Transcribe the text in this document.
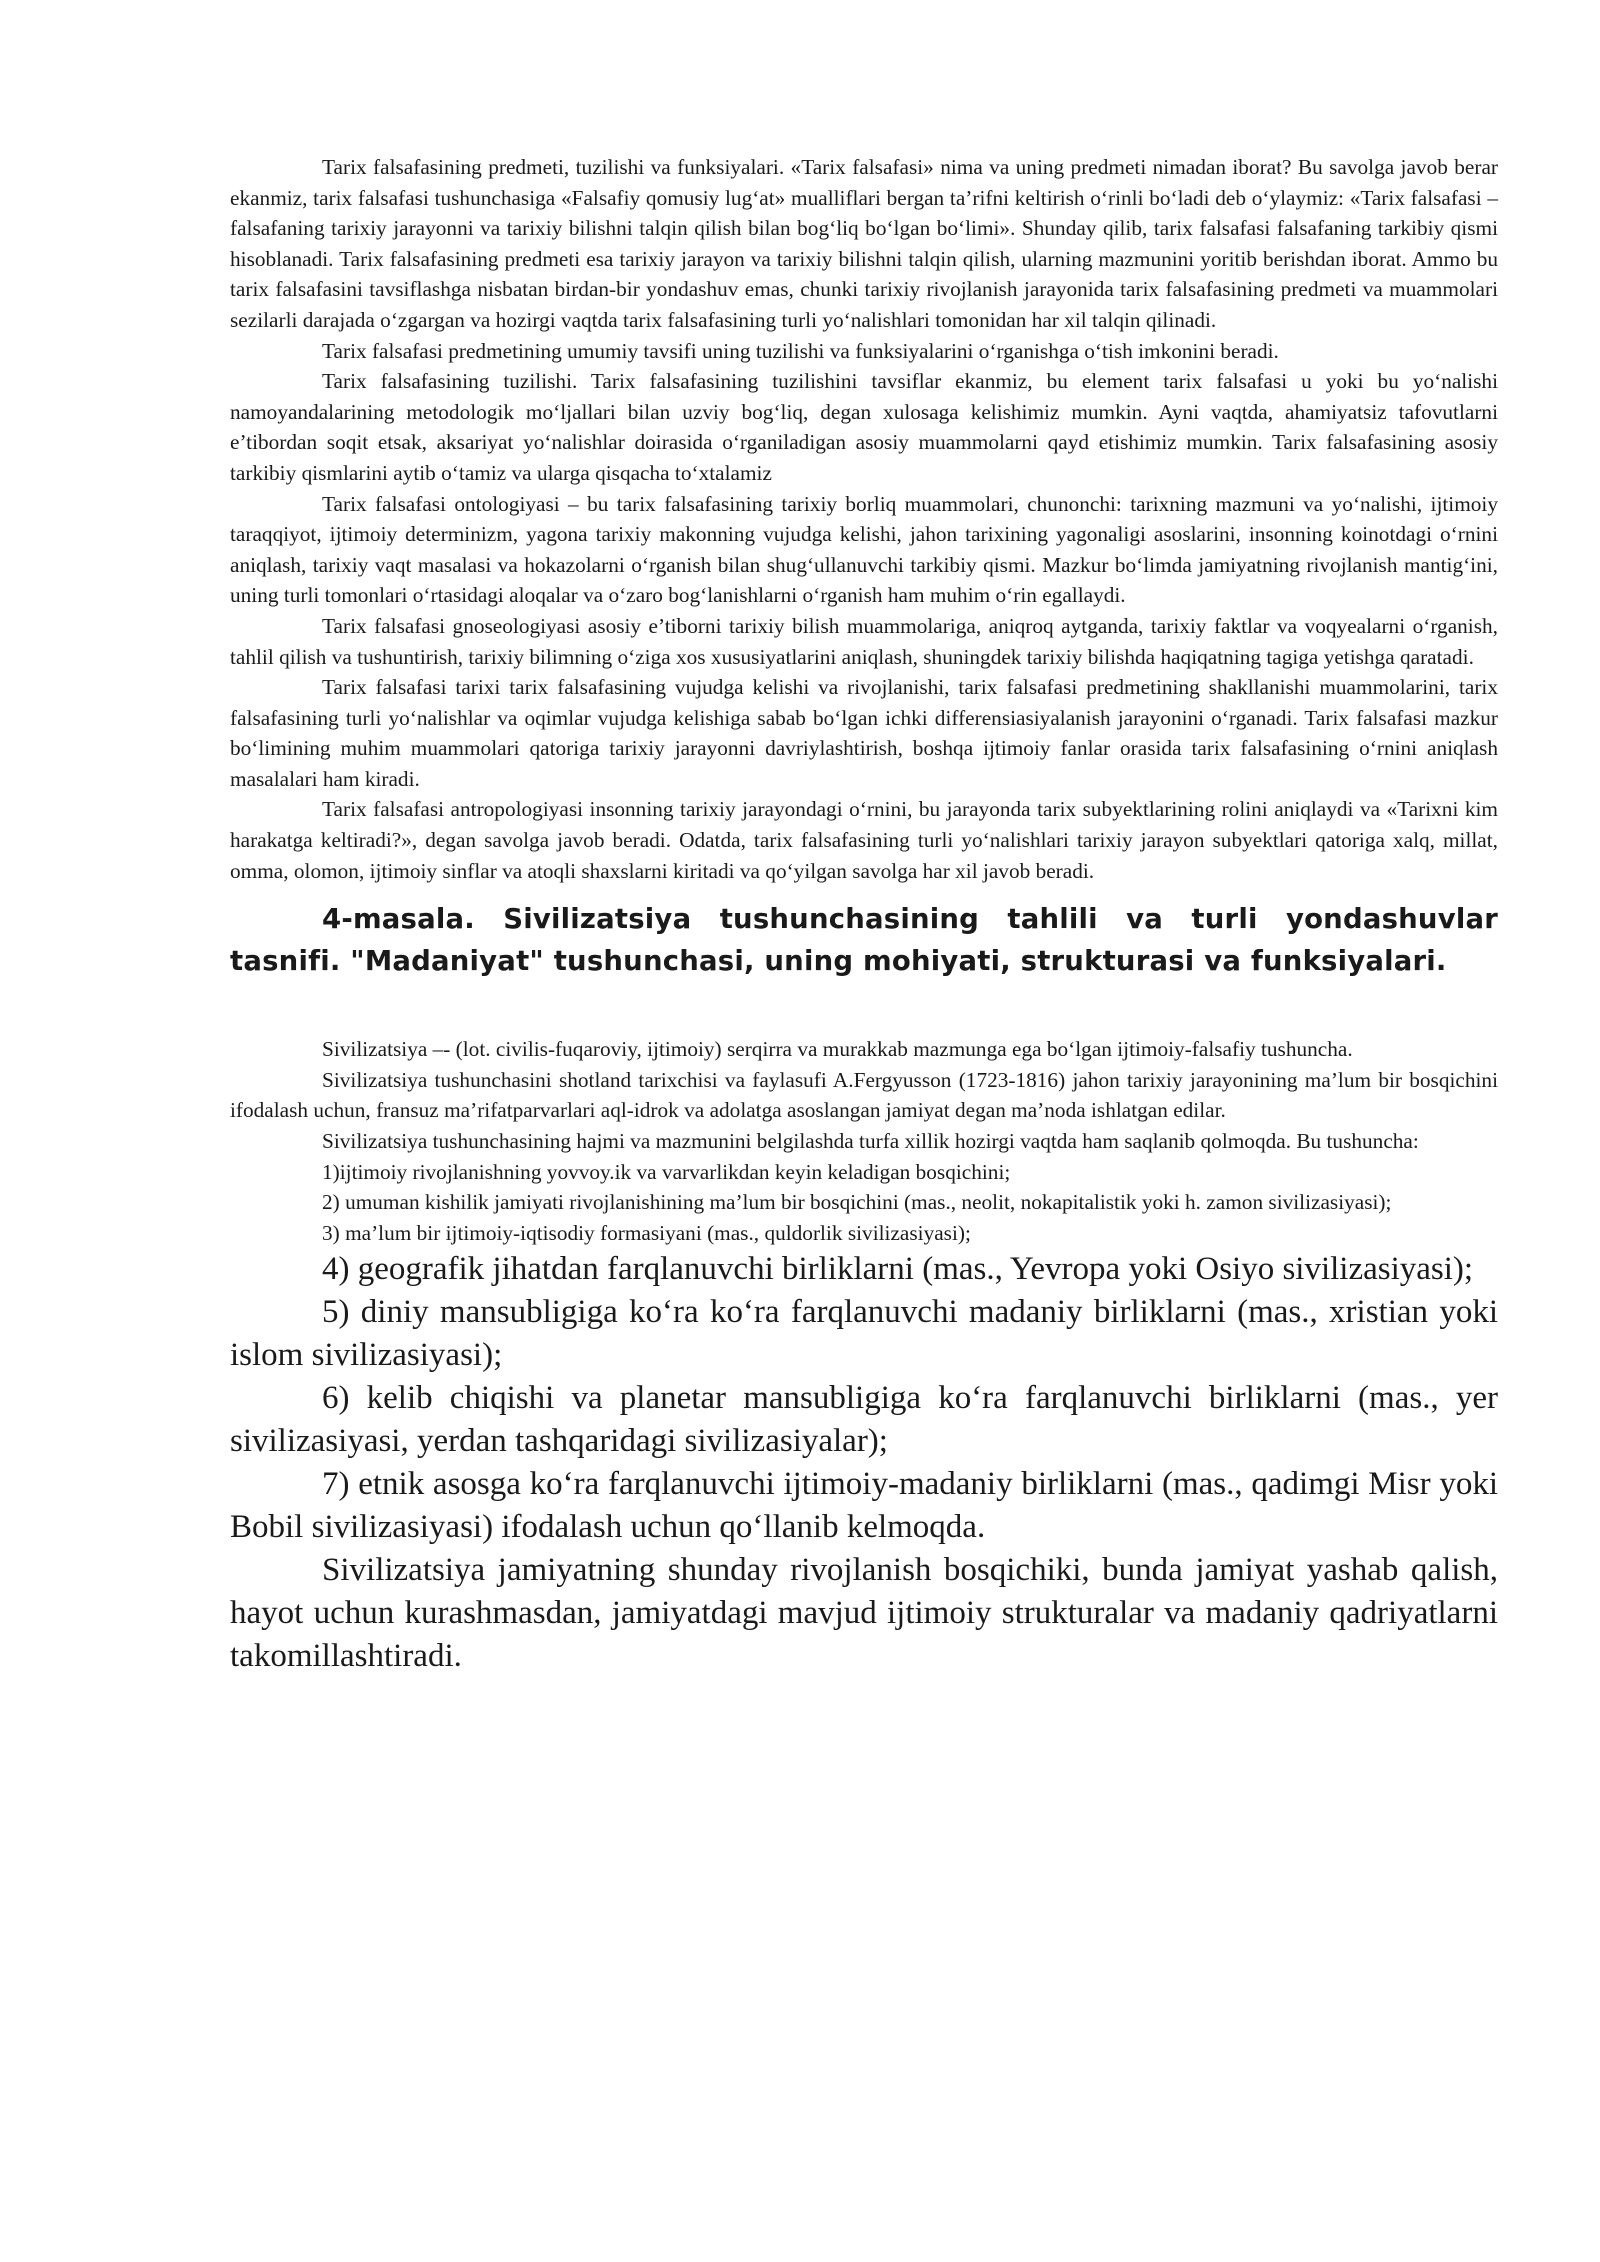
Tarix falsafasining predmeti, tuzilishi va funksiyalari. «Tarix falsafasi» nima va uning predmeti nimadan iborat? Bu savolga javob berar ekanmiz, tarix falsafasi tushunchasiga «Falsafiy qomusiy lug‘at» mualliflari bergan ta’rifni keltirish o‘rinli bo‘ladi deb o‘ylaymiz: «Tarix falsafasi – falsafaning tarixiy jarayonni va tarixiy bilishni talqin qilish bilan bog‘liq bo‘lgan bo‘limi». Shunday qilib, tarix falsafasi falsafaning tarkibiy qismi hisoblanadi. Tarix falsafasining predmeti esa tarixiy jarayon va tarixiy bilishni talqin qilish, ularning mazmunini yoritib berishdan iborat. Ammo bu tarix falsafasini tavsiflashga nisbatan birdan-bir yondashuv emas, chunki tarixiy rivojlanish jarayonida tarix falsafasining predmeti va muammolari sezilarli darajada o‘zgargan va hozirgi vaqtda tarix falsafasining turli yo‘nalishlari tomonidan har xil talqin qilinadi.

Tarix falsafasi predmetining umumiy tavsifi uning tuzilishi va funksiyalarini o‘rganishga o‘tish imkonini beradi.

Tarix falsafasining tuzilishi. Tarix falsafasining tuzilishini tavsiflar ekanmiz, bu element tarix falsafasi u yoki bu yo‘nalishi namoyandalarining metodologik mo‘ljallari bilan uzviy bog‘liq, degan xulosaga kelishimiz mumkin. Ayni vaqtda, ahamiyatsiz tafovutlarni e’tibordan soqit etsak, aksariyat yo‘nalishlar doirasida o‘rganiladigan asosiy muammolarni qayd etishimiz mumkin. Tarix falsafasining asosiy tarkibiy qismlarini aytib o‘tamiz va ularga qisqacha to‘xtalamiz

Tarix falsafasi ontologiyasi – bu tarix falsafasining tarixiy borliq muammolari, chunonchi: tarixning mazmuni va yo‘nalishi, ijtimoiy taraqqiyot, ijtimoiy determinizm, yagona tarixiy makonning vujudga kelishi, jahon tarixining yagonaligi asoslarini, insonning koinotdagi o‘rnini aniqlash, tarixiy vaqt masalasi va hokazolarni o‘rganish bilan shug‘ullanuvchi tarkibiy qismi. Mazkur bo‘limda jamiyatning rivojlanish mantig‘ini, uning turli tomonlari o‘rtasidagi aloqalar va o‘zaro bog‘lanishlarni o‘rganish ham muhim o‘rin egallaydi.

Tarix falsafasi gnoseologiyasi asosiy e’tiborni tarixiy bilish muammolariga, aniqroq aytganda, tarixiy faktlar va voqyealarni o‘rganish, tahlil qilish va tushuntirish, tarixiy bilimning o‘ziga xos xususiyatlarini aniqlash, shuningdek tarixiy bilishda haqiqatning tagiga yetishga qaratadi.

Tarix falsafasi tarixi tarix falsafasining vujudga kelishi va rivojlanishi, tarix falsafasi predmetining shakllanishi muammolarini, tarix falsafasining turli yo‘nalishlar va oqimlar vujudga kelishiga sabab bo‘lgan ichki differensiasiyalanish jarayonini o‘rganadi. Tarix falsafasi mazkur bo‘limining muhim muammolari qatoriga tarixiy jarayonni davriylashtirish, boshqa ijtimoiy fanlar orasida tarix falsafasining o‘rnini aniqlash masalalari ham kiradi.

Tarix falsafasi antropologiyasi insonning tarixiy jarayondagi o‘rnini, bu jarayonda tarix subyektlarining rolini aniqlaydi va «Tarixni kim harakatga keltiradi?», degan savolga javob beradi. Odatda, tarix falsafasining turli yo‘nalishlari tarixiy jarayon subyektlari qatoriga xalq, millat, omma, olomon, ijtimoiy sinflar va atoqli shaxslarni kiritadi va qo‘yilgan savolga har xil javob beradi.

4-masala. Sivilizatsiya tushunchasining tahlili va turli yondashuvlar tasnifi. "Madaniyat" tushunchasi, uning mohiyati, strukturasi va funksiyalari.

Sivilizatsiya –- (lot. civilis-fuqaroviy, ijtimoiy) serqirra va murakkab mazmunga ega bo‘lgan ijtimoiy-falsafiy tushuncha.

Sivilizatsiya tushunchasini shotland tarixchisi va faylasufi A.Fergyusson (1723-1816) jahon tarixiy jarayonining ma’lum bir bosqichini ifodalash uchun, fransuz ma’rifatparvarlari aql-idrok va adolatga asoslangan jamiyat degan ma’noda ishlatgan edilar.

Sivilizatsiya tushunchasining hajmi va mazmunini belgilashda turfa xillik hozirgi vaqtda ham saqlanib qolmoqda. Bu tushuncha:

1)ijtimoiy rivojlanishning yovvoy.ik va varvarlikdan keyin keladigan bosqichini;

2) umuman kishilik jamiyati rivojlanishining ma’lum bir bosqichini (mas., neolit, nokapitalistik yoki h. zamon sivilizasiyasi);

3) ma’lum bir ijtimoiy-iqtisodiy formasiyani (mas., quldorlik sivilizasiyasi);

4) geografik jihatdan farqlanuvchi birliklarni (mas., Yevropa yoki Osiyo sivilizasiyasi);

5) diniy mansubligiga ko‘ra ko‘ra farqlanuvchi madaniy birliklarni (mas., xristian yoki islom sivilizasiyasi);

6) kelib chiqishi va planetar mansubligiga ko‘ra farqlanuvchi birliklarni (mas., yer sivilizasiyasi, yerdan tashqaridagi sivilizasiyalar);

7) etnik asosga ko‘ra farqlanuvchi ijtimoiy-madaniy birliklarni (mas., qadimgi Misr yoki Bobil sivilizasiyasi) ifodalash uchun qo‘llanib kelmoqda.

Sivilizatsiya jamiyatning shunday rivojlanish bosqichiki, bunda jamiyat yashab qalish, hayot uchun kurashmasdan, jamiyatdagi mavjud ijtimoiy strukturalar va madaniy qadriyatlarni takomillashtiradi.
